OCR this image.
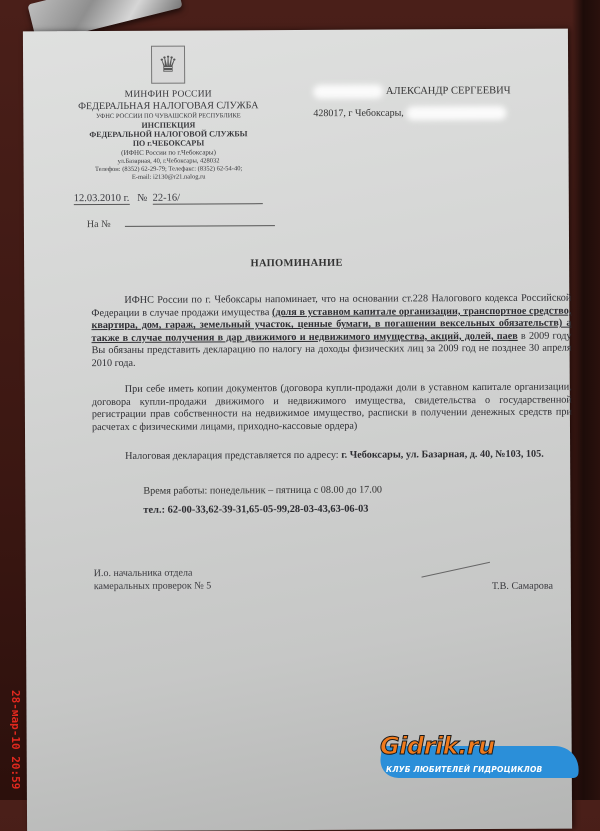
♛
МИНФИН РОССИИ
ФЕДЕРАЛЬНАЯ НАЛОГОВАЯ СЛУЖБА
УФНС РОССИИ ПО ЧУВАШСКОЙ РЕСПУБЛИКЕ
ИНСПЕКЦИЯ
ФЕДЕРАЛЬНОЙ НАЛОГОВОЙ СЛУЖБЫ
ПО г.ЧЕБОКСАРЫ
(ИФНС России по г.Чебоксары)
ул.Базарная, 40, г.Чебоксары, 428032
Телефон: (8352) 62-29-79; Телефакс: (8352) 62-54-40;
E-mail: i2130@r21.nalog.ru
12.03.2010 г. № 22-16/
На №
АЛЕКСАНДР СЕРГЕЕВИЧ
428017, г Чебоксары,
НАПОМИНАНИЕ
ИФНС России по г. Чебоксары напоминает, что на основании ст.228 Налогового кодекса Российской Федерации в случае продажи имущества (доля в уставном капитале организации, транспортное средство, квартира, дом, гараж, земельный участок, ценные бумаги, в погашении вексельных обязательств) а также в случае получения в дар движимого и недвижимого имущества, акций, долей, паев в 2009 году Вы обязаны представить декларацию по налогу на доходы физических лиц за 2009 год не позднее 30 апреля 2010 года.
При себе иметь копии документов (договора купли-продажи доли в уставном капитале организации, договора купли-продажи движимого и недвижимого имущества, свидетельства о государственной регистрации прав собственности на недвижимое имущество, расписки в получении денежных средств при расчетах с физическими лицами, приходно-кассовые ордера)
Налоговая декларация представляется по адресу: г. Чебоксары, ул. Базарная, д. 40, №103, 105.
Время работы: понедельник – пятница с 08.00 до 17.00
тел.: 62-00-33,62-39-31,65-05-99,28-03-43,63-06-03
И.о. начальника отдела
камеральных проверок № 5	Т.В. Самарова
28-мар-10 20:59	Gidrik.ru
КЛУБ ЛЮБИТЕЛЕЙ ГИДРОЦИКЛОВ
